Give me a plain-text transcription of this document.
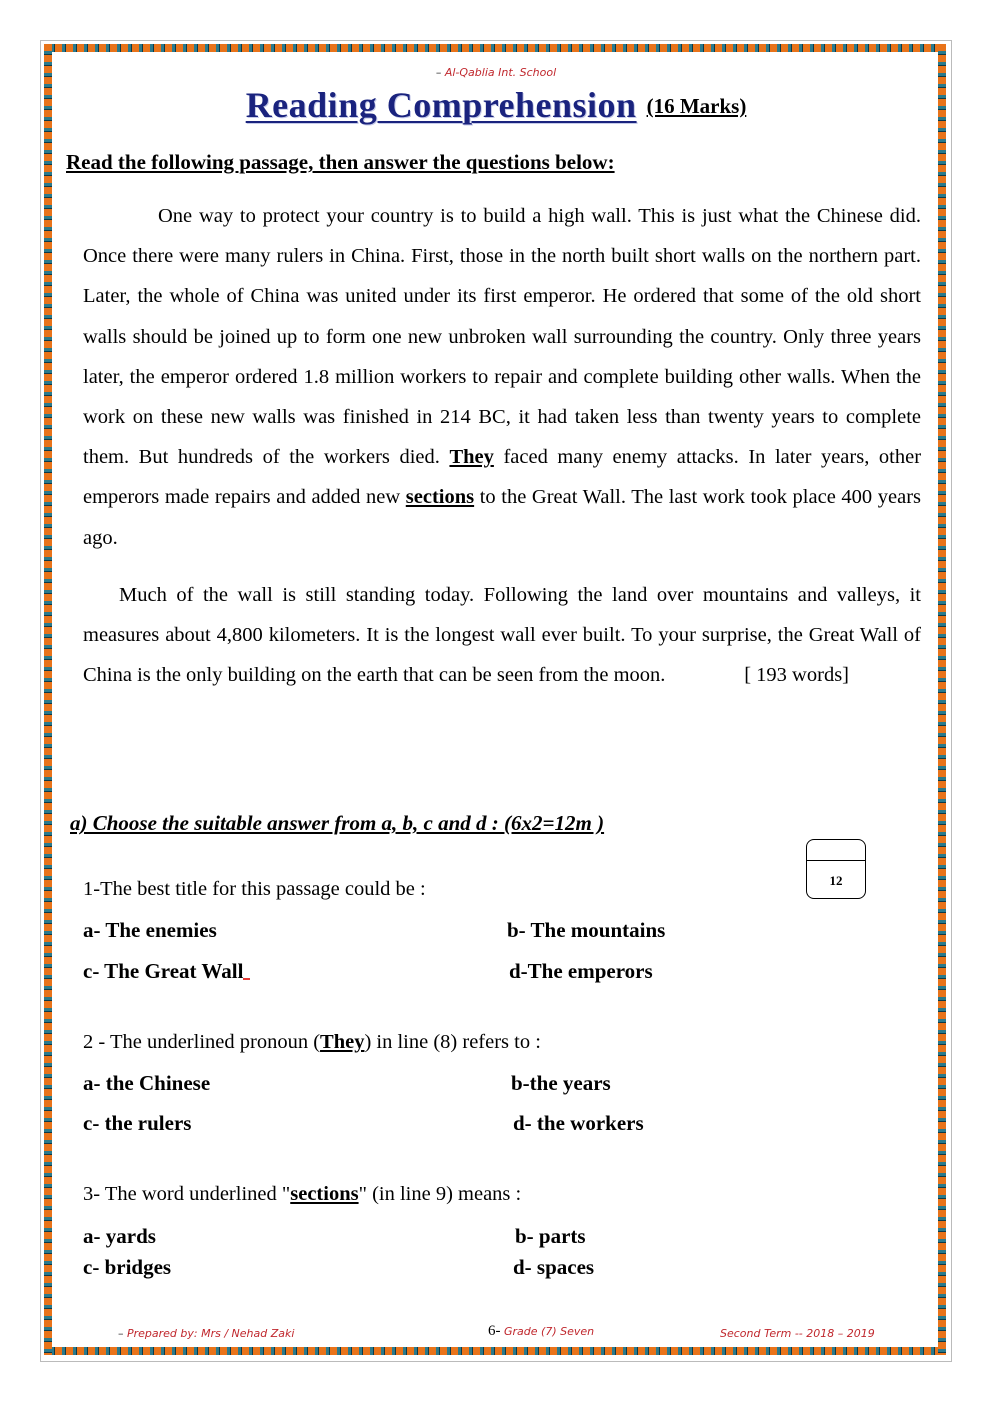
– Al-Qablia Int. School
Reading Comprehension (16 Marks)
Read the following passage, then answer the questions below:

One way to protect your country is to build a high wall. This is just what the Chinese did. Once there were many rulers in China. First, those in the north built short walls on the northern part. Later, the whole of China was united under its first emperor. He ordered that some of the old short walls should be joined up to form one new unbroken wall surrounding the country. Only three years later, the emperor ordered 1.8 million workers to repair and complete building other walls. When the work on these new walls was finished in 214 BC, it had taken less than twenty years to complete them. But hundreds of the workers died. They faced many enemy attacks. In later years, other emperors made repairs and added new sections to the Great Wall. The last work took place 400 years ago.

Much of the wall is still standing today. Following the land over mountains and valleys, it measures about 4,800 kilometers. It is the longest wall ever built. To your surprise, the Great Wall of China is the only building on the earth that can be seen from the moon.	[ 193 words]

a) Choose the suitable answer from a, b, c and d : (6x2=12m )
12
1-The best title for this passage could be :
a- The enemies	b- The mountains
c- The Great Wall	d-The emperors
2 - The underlined pronoun (They) in line (8) refers to :
a- the Chinese	b-the years
c- the rulers	d- the workers
3- The word underlined "sections" (in line 9) means :
a- yards	b- parts
c- bridges	d- spaces
– Prepared by: Mrs / Nehad Zaki	6- Grade (7) Seven	Second Term -- 2018 – 2019
